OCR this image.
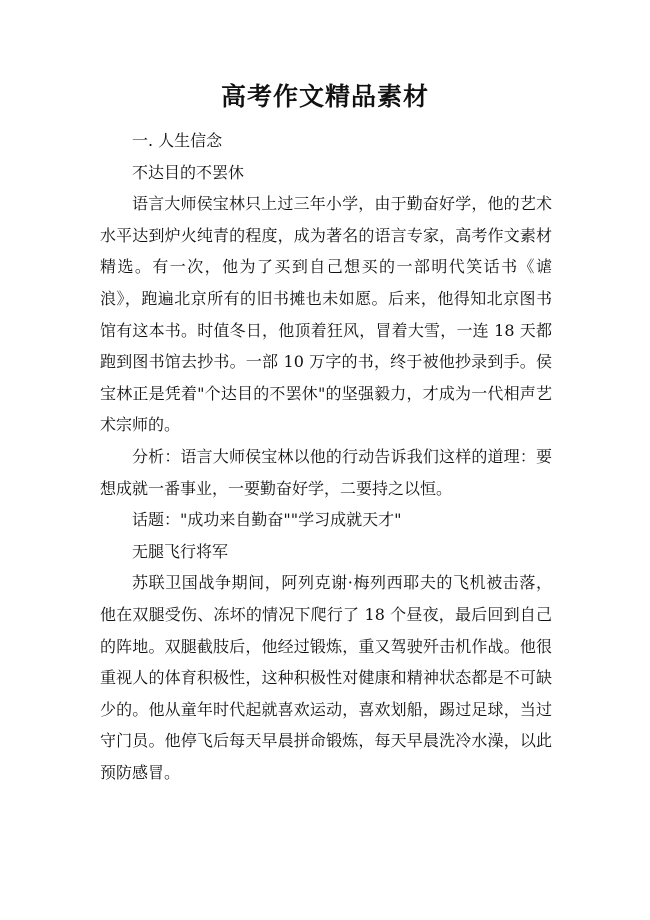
高考作文精品素材

一. 人生信念

不达目的不罢休

语言大师侯宝林只上过三年小学，由于勤奋好学，他的艺术水平达到炉火纯青的程度，成为著名的语言专家，高考作文素材精选。有一次，他为了买到自己想买的一部明代笑话书《谑浪》，跑遍北京所有的旧书摊也未如愿。后来，他得知北京图书馆有这本书。时值冬日，他顶着狂风，冒着大雪，一连 18 天都跑到图书馆去抄书。一部 10 万字的书，终于被他抄录到手。侯宝林正是凭着"个达目的不罢休"的坚强毅力，才成为一代相声艺术宗师的。

分析：语言大师侯宝林以他的行动告诉我们这样的道理：要想成就一番事业，一要勤奋好学，二要持之以恒。

话题："成功来自勤奋""学习成就天才"

无腿飞行将军

苏联卫国战争期间，阿列克谢·梅列西耶夫的飞机被击落，他在双腿受伤、冻坏的情况下爬行了 18 个昼夜，最后回到自己的阵地。双腿截肢后，他经过锻炼，重又驾驶歼击机作战。他很重视人的体育积极性，这种积极性对健康和精神状态都是不可缺少的。他从童年时代起就喜欢运动，喜欢划船，踢过足球，当过守门员。他停飞后每天早晨拼命锻炼，每天早晨洗冷水澡，以此预防感冒。
